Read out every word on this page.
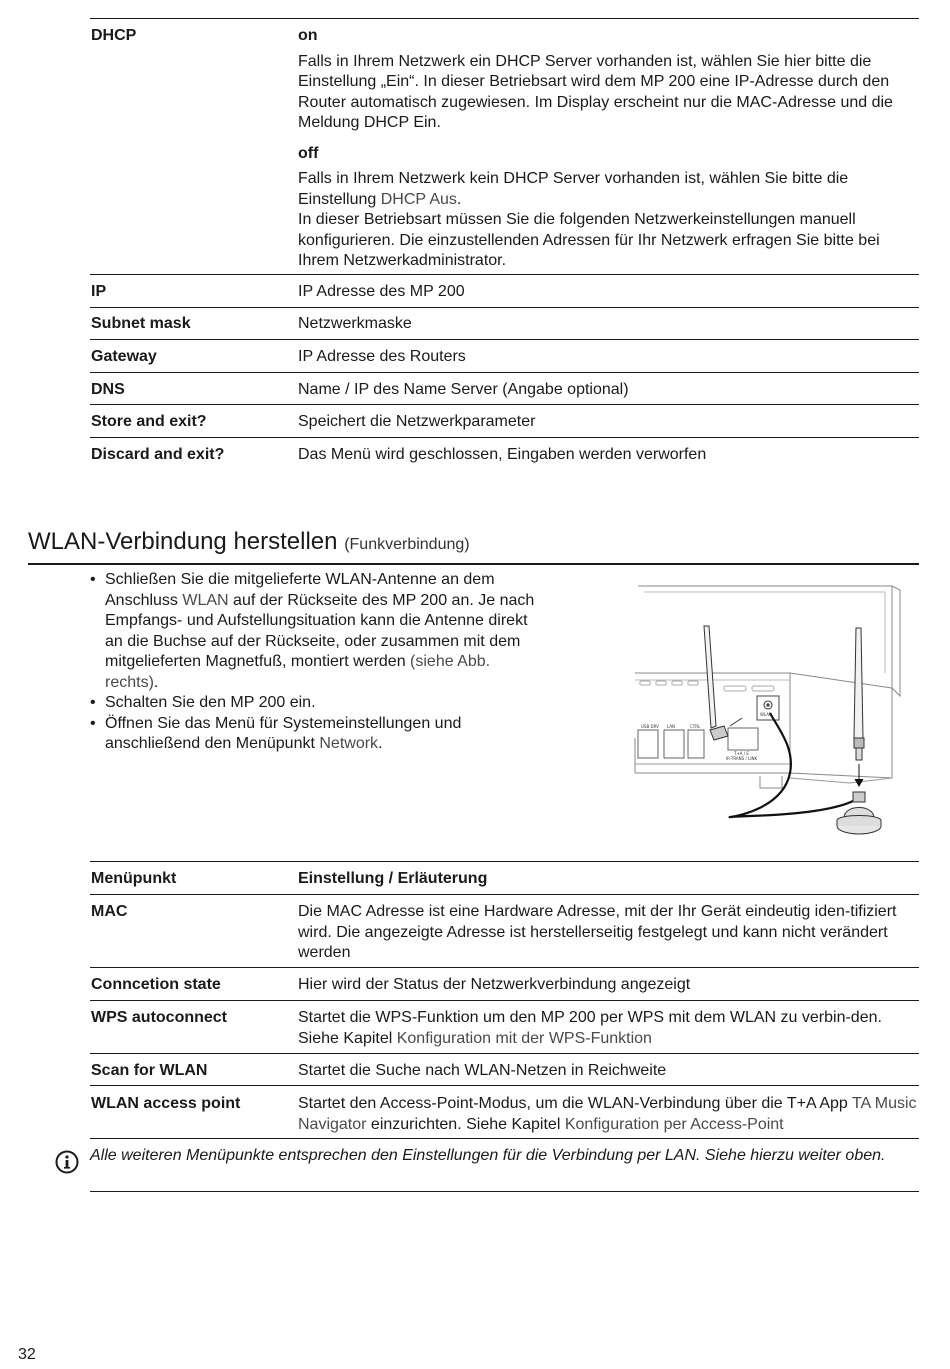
DHCP	on

Falls in Ihrem Netzwerk ein DHCP Server vorhanden ist, wählen Sie hier bitte die Einstellung „Ein“. In dieser Betriebsart wird dem MP 200 eine IP-Adresse durch den Router automatisch zugewiesen. Im Display erscheint nur die MAC-Adresse und die Meldung DHCP Ein.

off

Falls in Ihrem Netzwerk kein DHCP Server vorhanden ist, wählen Sie bitte die Einstellung DHCP Aus.

In dieser Betriebsart müssen Sie die folgenden Netzwerkeinstellungen manuell konfigurieren. Die einzustellenden Adressen für Ihr Netzwerk erfragen Sie bitte bei Ihrem Netzwerkadministrator.

IP	IP Adresse des MP 200
Subnet mask	Netzwerkmaske
Gateway	IP Adresse des Routers
DNS	Name / IP des Name Server (Angabe optional)
Store and exit?	Speichert die Netzwerkparameter
Discard and exit?	Das Menü wird geschlossen, Eingaben werden verworfen
WLAN-Verbindung herstellen (Funkverbindung)
• Schließen Sie die mitgelieferte WLAN-Antenne an dem Anschluss WLAN auf der Rückseite des MP 200 an. Je nach Empfangs- und Aufstellungsituation kann die Antenne direkt an die Buchse auf der Rückseite, oder zusammen mit dem mitgelieferten Magnetfuß, montiert werden (siehe Abb. rechts).
• Schalten Sie den MP 200 ein.
• Öffnen Sie das Menü für Systemeinstellungen und anschließend den Menüpunkt Network.
USB DRV LAN	CTRL
T+A / E
IR-TRANS / LINK
WLAN
Menüpunkt	Einstellung / Erläuterung
MAC	Die MAC Adresse ist eine Hardware Adresse, mit der Ihr Gerät eindeutig iden-tifiziert wird. Die angezeigte Adresse ist herstellerseitig festgelegt und kann nicht verändert werden
Conncetion state	Hier wird der Status der Netzwerkverbindung angezeigt
WPS autoconnect	Startet die WPS-Funktion um den MP 200 per WPS mit dem WLAN zu verbin-den. Siehe Kapitel Konfiguration mit der WPS-Funktion
Scan for WLAN	Startet die Suche nach WLAN-Netzen in Reichweite
WLAN access point	Startet den Access-Point-Modus, um die WLAN-Verbindung über die T+A App TA Music Navigator einzurichten. Siehe Kapitel Konfiguration per Access-Point
Alle weiteren Menüpunkte entsprechen den Einstellungen für die Verbindung per LAN. Siehe hierzu weiter oben.
32
